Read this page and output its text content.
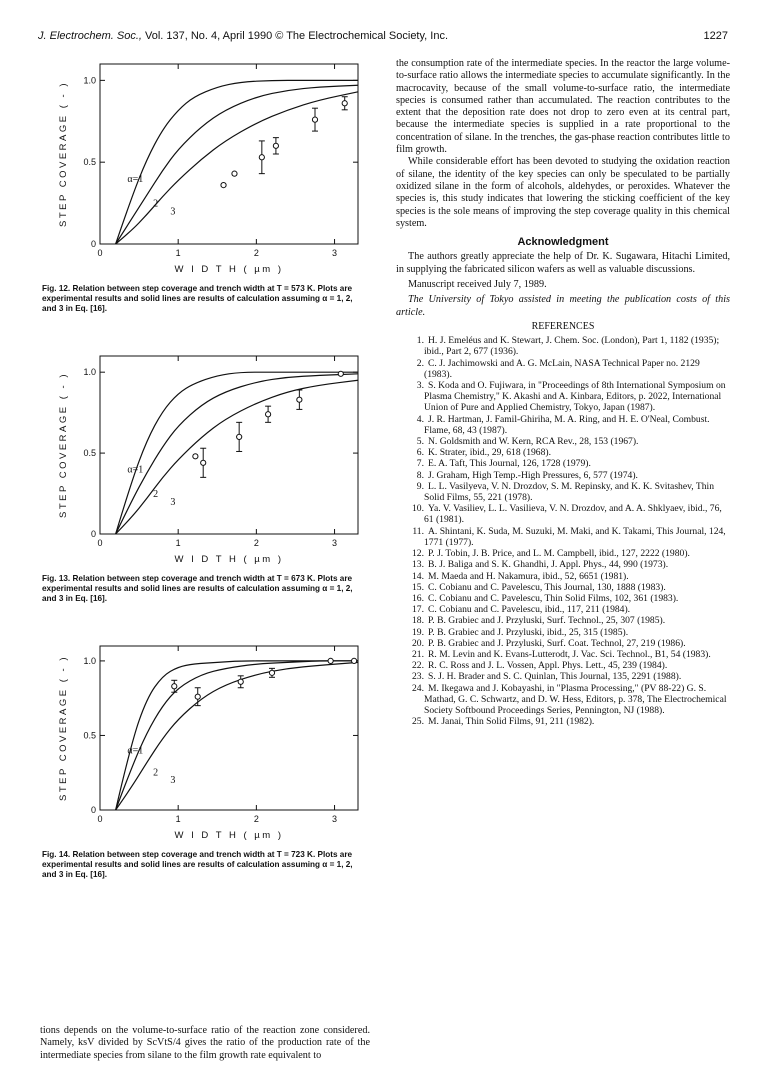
J. Electrochem. Soc., Vol. 137, No. 4, April 1990 © The Electrochemical Society, Inc.	1227
0	1	2	3
0
0.5
1.0
W I D T H ( µm )
STEP COVERAGE ( - )	α=1
2
3
Fig. 12. Relation between step coverage and trench width at T = 573 K. Plots are experimental results and solid lines are results of calculation assuming α = 1, 2, and 3 in Eq. [16].
0	1	2	3
0
0.5
1.0
W I D T H ( µm )
STEP COVERAGE ( - )	α=1
2
3
Fig. 13. Relation between step coverage and trench width at T = 673 K. Plots are experimental results and solid lines are results of calculation assuming α = 1, 2, and 3 in Eq. [16].
0	1	2	3
0
0.5
1.0
W I D T H ( µm )
STEP COVERAGE ( - )	α=1
2
3
Fig. 14. Relation between step coverage and trench width at T = 723 K. Plots are experimental results and solid lines are results of calculation assuming α = 1, 2, and 3 in Eq. [16].
tions depends on the volume-to-surface ratio of the reaction zone considered. Namely, ksV divided by ScVtS/4 gives the ratio of the production rate of the intermediate species from silane to the film growth rate equivalent to

the consumption rate of the intermediate species. In the reactor the large volume-to-surface ratio allows the intermediate species to accumulate significantly. In the macrocavity, because of the small volume-to-surface ratio, the intermediate species is consumed rather than accumulated. The reaction contributes to the extent that the deposition rate does not drop to zero even at its central part, because the intermediate species is supplied in a rate proportional to the concentration of silane. In the trenches, the gas-phase reaction contributes little to film growth.

While considerable effort has been devoted to studying the oxidation reaction of silane, the identity of the key species can only be speculated to be partially oxidized silane in the form of alcohols, aldehydes, or peroxides. Whatever the species is, this study indicates that lowering the sticking coefficient of the key species is the sole means of improving the step coverage quality in this chemical system.

Acknowledgment

The authors greatly appreciate the help of Dr. K. Sugawara, Hitachi Limited, in supplying the fabricated silicon wafers as well as valuable discussions.

Manuscript received July 7, 1989.

The University of Tokyo assisted in meeting the publication costs of this article.

REFERENCES
1. H. J. Emeléus and K. Stewart, J. Chem. Soc. (London), Part 1, 1182 (1935); ibid., Part 2, 677 (1936).
2. C. J. Jachimowski and A. G. McLain, NASA Technical Paper no. 2129 (1983).
3. S. Koda and O. Fujiwara, in "Proceedings of 8th International Symposium on Plasma Chemistry," K. Akashi and A. Kinbara, Editors, p. 2022, International Union of Pure and Applied Chemistry, Tokyo, Japan (1987).
4. J. R. Hartman, J. Famil-Ghiriha, M. A. Ring, and H. E. O'Neal, Combust. Flame, 68, 43 (1987).
5. N. Goldsmith and W. Kern, RCA Rev., 28, 153 (1967).
6. K. Strater, ibid., 29, 618 (1968).
7. E. A. Taft, This Journal, 126, 1728 (1979).
8. J. Graham, High Temp.-High Pressures, 6, 577 (1974).
9. L. L. Vasilyeva, V. N. Drozdov, S. M. Repinsky, and K. K. Svitashev, Thin Solid Films, 55, 221 (1978).
10. Ya. V. Vasiliev, L. L. Vasilieva, V. N. Drozdov, and A. A. Shklyaev, ibid., 76, 61 (1981).
11. A. Shintani, K. Suda, M. Suzuki, M. Maki, and K. Takami, This Journal, 124, 1771 (1977).
12. P. J. Tobin, J. B. Price, and L. M. Campbell, ibid., 127, 2222 (1980).
13. B. J. Baliga and S. K. Ghandhi, J. Appl. Phys., 44, 990 (1973).
14. M. Maeda and H. Nakamura, ibid., 52, 6651 (1981).
15. C. Cobianu and C. Pavelescu, This Journal, 130, 1888 (1983).
16. C. Cobianu and C. Pavelescu, Thin Solid Films, 102, 361 (1983).
17. C. Cobianu and C. Pavelescu, ibid., 117, 211 (1984).
18. P. B. Grabiec and J. Przyluski, Surf. Technol., 25, 307 (1985).
19. P. B. Grabiec and J. Przyluski, ibid., 25, 315 (1985).
20. P. B. Grabiec and J. Przyluski, Surf. Coat. Technol, 27, 219 (1986).
21. R. M. Levin and K. Evans-Lutterodt, J. Vac. Sci. Technol., B1, 54 (1983).
22. R. C. Ross and J. L. Vossen, Appl. Phys. Lett., 45, 239 (1984).
23. S. J. H. Brader and S. C. Quinlan, This Journal, 135, 2291 (1988).
24. M. Ikegawa and J. Kobayashi, in "Plasma Processing," (PV 88-22) G. S. Mathad, G. C. Schwartz, and D. W. Hess, Editors, p. 378, The Electrochemical Society Softbound Proceedings Series, Pennington, NJ (1988).
25. M. Janai, Thin Solid Films, 91, 211 (1982).
